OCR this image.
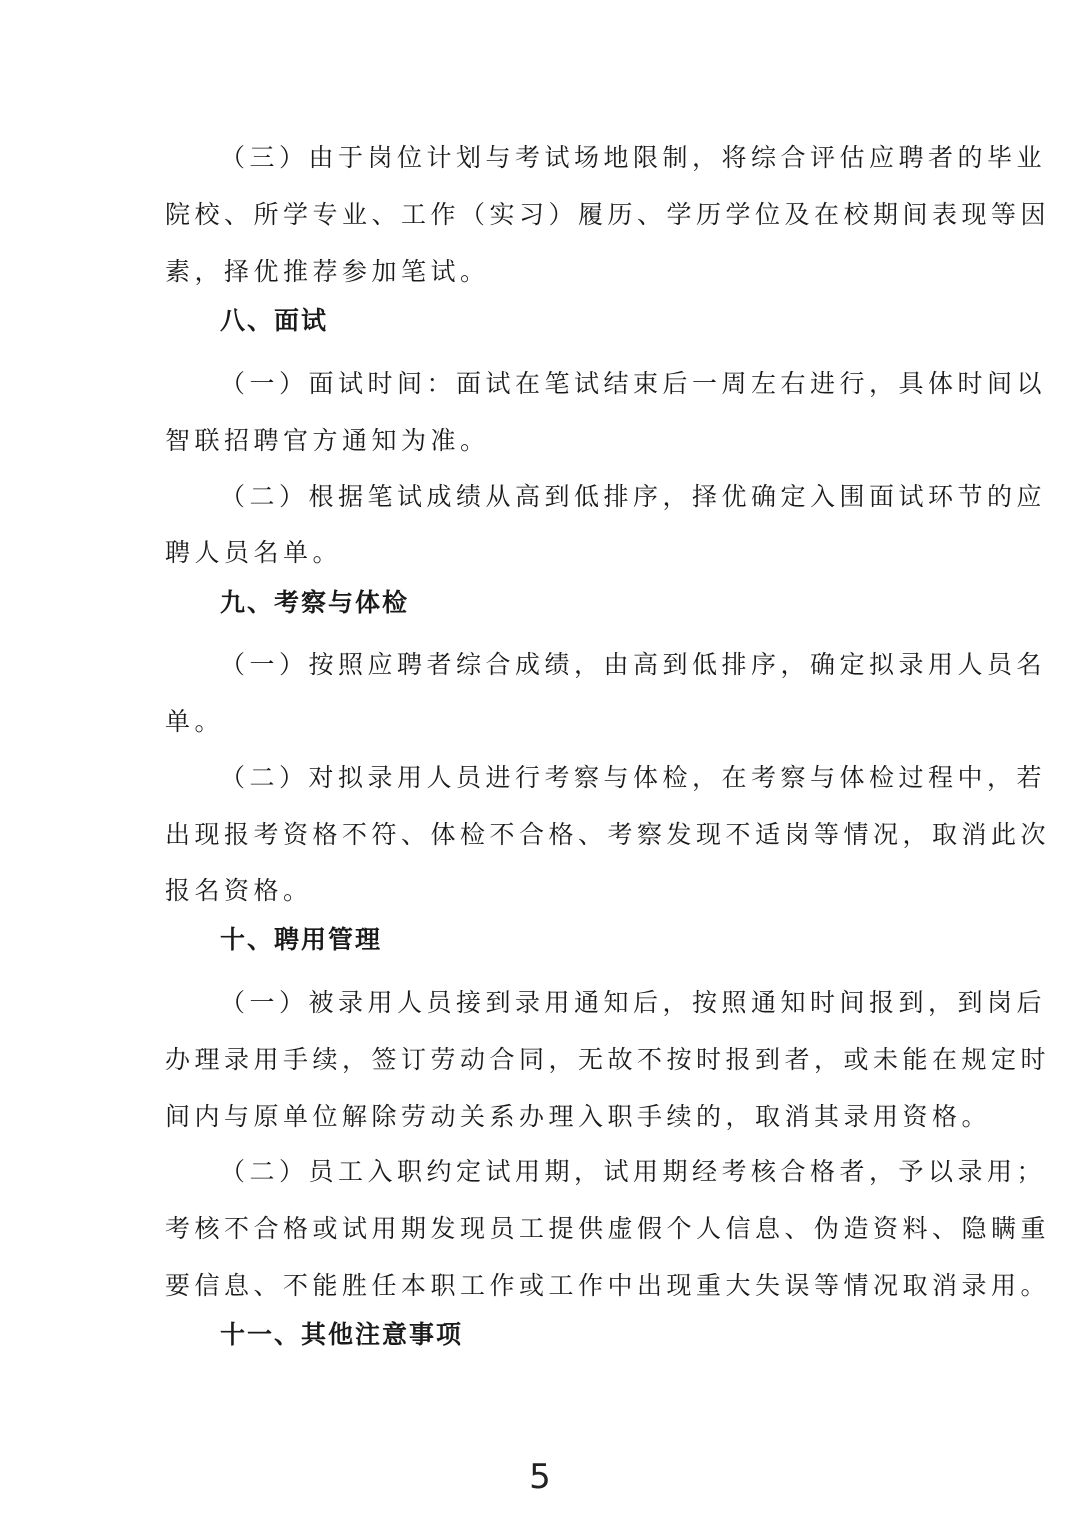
（三）由于岗位计划与考试场地限制，将综合评估应聘者的毕业
院校、所学专业、工作（实习）履历、学历学位及在校期间表现等因
素，择优推荐参加笔试。
八、面试
（一）面试时间：面试在笔试结束后一周左右进行，具体时间以
智联招聘官方通知为准。
（二）根据笔试成绩从高到低排序，择优确定入围面试环节的应
聘人员名单。
九、考察与体检
（一）按照应聘者综合成绩，由高到低排序，确定拟录用人员名
单。
（二）对拟录用人员进行考察与体检，在考察与体检过程中，若
出现报考资格不符、体检不合格、考察发现不适岗等情况，取消此次
报名资格。
十、聘用管理
（一）被录用人员接到录用通知后，按照通知时间报到，到岗后
办理录用手续，签订劳动合同，无故不按时报到者，或未能在规定时
间内与原单位解除劳动关系办理入职手续的，取消其录用资格。
（二）员工入职约定试用期，试用期经考核合格者，予以录用；
考核不合格或试用期发现员工提供虚假个人信息、伪造资料、隐瞒重
要信息、不能胜任本职工作或工作中出现重大失误等情况取消录用。
十一、其他注意事项
5
